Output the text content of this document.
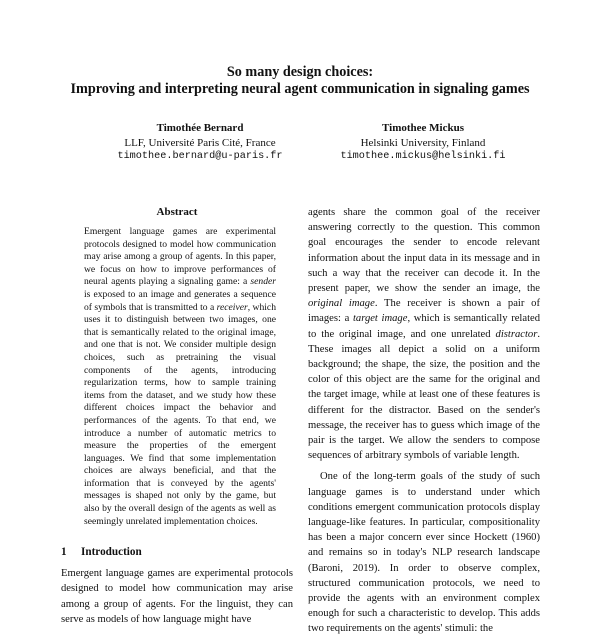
So many design choices:
Improving and interpreting neural agent communication in signaling games
Timothée Bernard
LLF, Université Paris Cité, France
timothee.bernard@u-paris.fr
Timothee Mickus
Helsinki University, Finland
timothee.mickus@helsinki.fi
Abstract

Emergent language games are experimental protocols designed to model how communication may arise among a group of agents. In this paper, we focus on how to improve performances of neural agents playing a signaling game: a sender is exposed to an image and generates a sequence of symbols that is transmitted to a receiver, which uses it to distinguish between two images, one that is semantically related to the original image, and one that is not. We consider multiple design choices, such as pretraining the visual components of the agents, introducing regularization terms, how to sample training items from the dataset, and we study how these different choices impact the behavior and performances of the agents. To that end, we introduce a number of automatic metrics to measure the properties of the emergent languages. We find that some implementation choices are always beneficial, and that the information that is conveyed by the agents' messages is shaped not only by the game, but also by the overall design of the agents as well as seemingly unrelated implementation choices.

1 Introduction

Emergent language games are experimental protocols designed to model how communication may arise among a group of agents. For the linguist, they can serve as models of how language might have

agents share the common goal of the receiver answering correctly to the question. This common goal encourages the sender to encode relevant information about the input data in its message and in such a way that the receiver can decode it. In the present paper, we show the sender an image, the original image. The receiver is shown a pair of images: a target image, which is semantically related to the original image, and one unrelated distractor. These images all depict a solid on a uniform background; the shape, the size, the position and the color of this object are the same for the original and the target image, while at least one of these features is different for the distractor. Based on the sender's message, the receiver has to guess which image of the pair is the target. We allow the senders to compose sequences of arbitrary symbols of variable length.

One of the long-term goals of the study of such language games is to understand under which conditions emergent communication protocols display language-like features. In particular, compositionality has been a major concern ever since Hockett (1960) and remains so in today's NLP research landscape (Baroni, 2019). In order to observe complex, structured communication protocols, we need to provide the agents with an environment complex enough for such a characteristic to develop. This adds two requirements on the agents' stimuli: the
